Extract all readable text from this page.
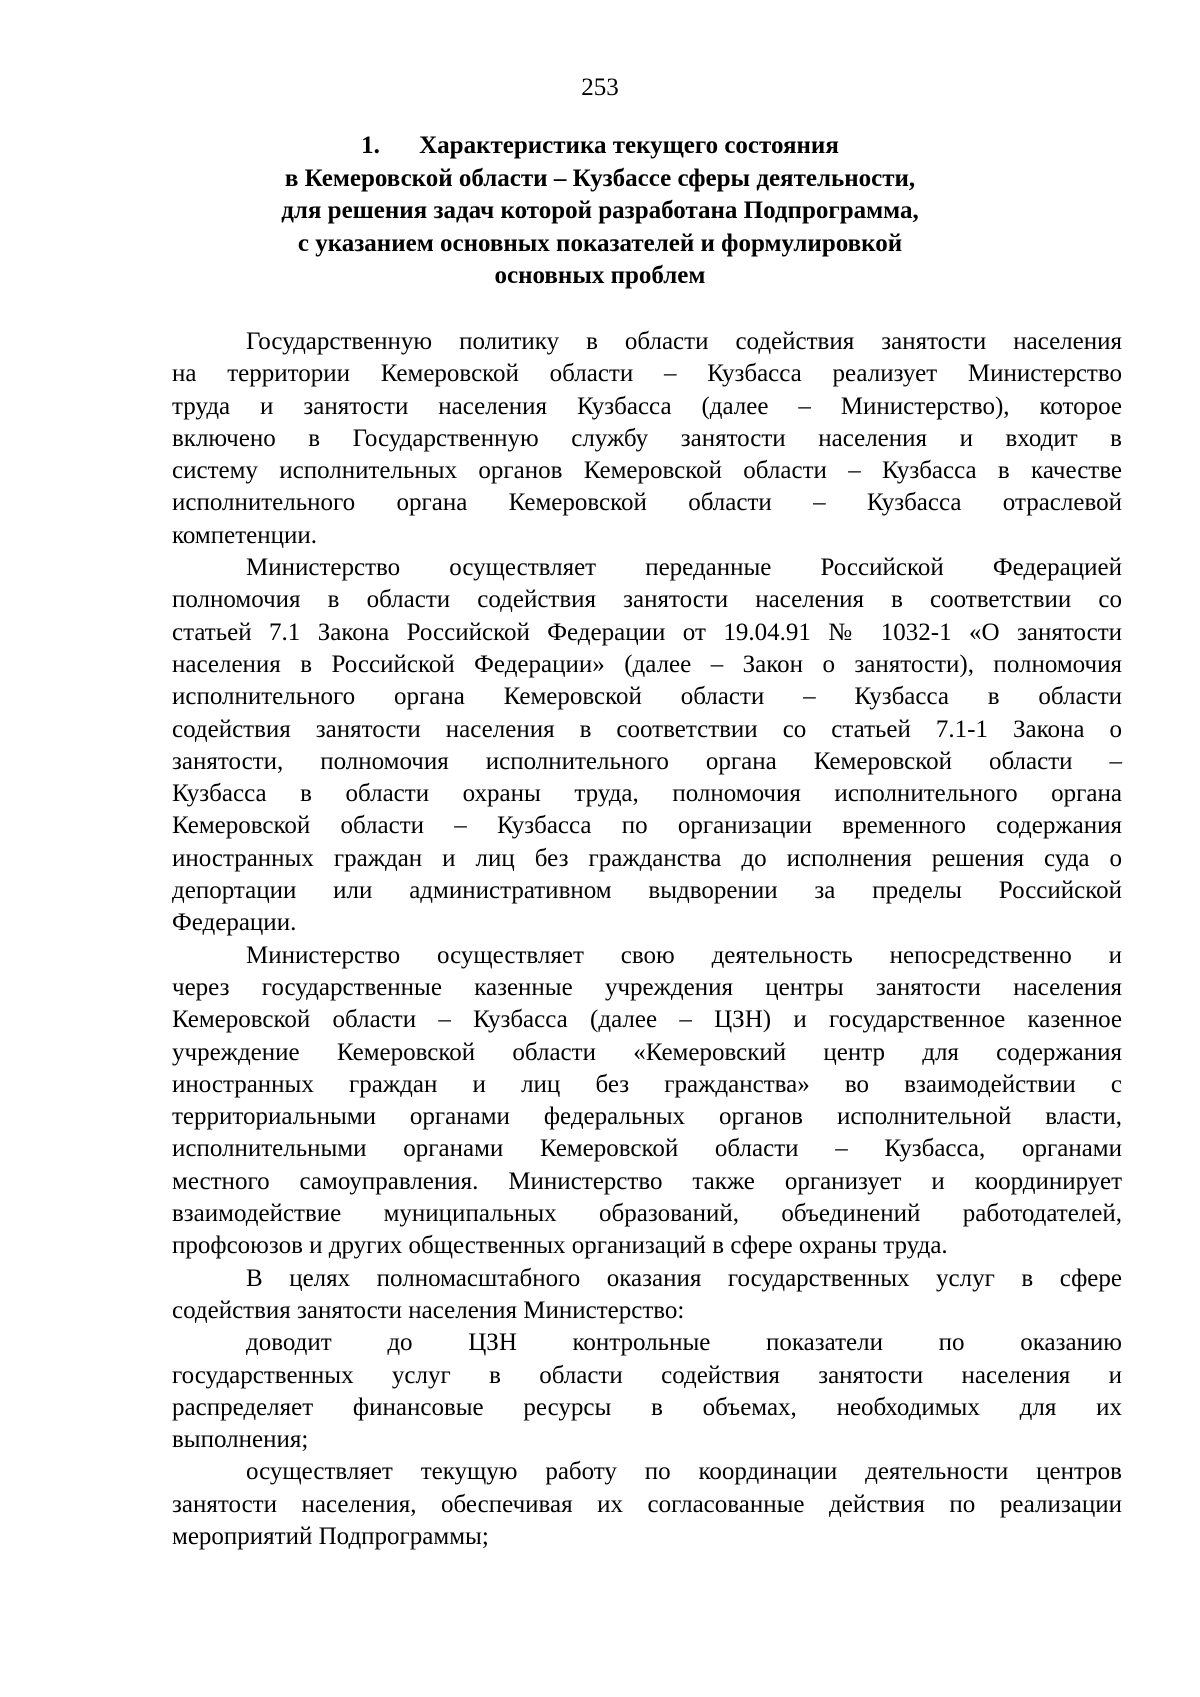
253
1. Характеристика текущего состояния
в Кемеровской области – Кузбассе сферы деятельности,
для решения задач которой разработана Подпрограмма,
с указанием основных показателей и формулировкой
основных проблем
Государственную политику в области содействия занятости населения
на территории Кемеровской области – Кузбасса реализует Министерство
труда и занятости населения Кузбасса (далее – Министерство), которое
включено в Государственную службу занятости населения и входит в
систему исполнительных органов Кемеровской области – Кузбасса в качестве
исполнительного органа Кемеровской области – Кузбасса отраслевой
компетенции.
Министерство осуществляет переданные Российской Федерацией
полномочия в области содействия занятости населения в соответствии со
статьей 7.1 Закона Российской Федерации от 19.04.91 № 1032-1 «О занятости
населения в Российской Федерации» (далее – Закон о занятости), полномочия
исполнительного органа Кемеровской области – Кузбасса в области
содействия занятости населения в соответствии со статьей 7.1-1 Закона о
занятости, полномочия исполнительного органа Кемеровской области –
Кузбасса в области охраны труда, полномочия исполнительного органа
Кемеровской области – Кузбасса по организации временного содержания
иностранных граждан и лиц без гражданства до исполнения решения суда о
депортации или административном выдворении за пределы Российской
Федерации.
Министерство осуществляет свою деятельность непосредственно и
через государственные казенные учреждения центры занятости населения
Кемеровской области – Кузбасса (далее – ЦЗН) и государственное казенное
учреждение Кемеровской области «Кемеровский центр для содержания
иностранных граждан и лиц без гражданства» во взаимодействии с
территориальными органами федеральных органов исполнительной власти,
исполнительными органами Кемеровской области – Кузбасса, органами
местного самоуправления. Министерство также организует и координирует
взаимодействие муниципальных образований, объединений работодателей,
профсоюзов и других общественных организаций в сфере охраны труда.
В целях полномасштабного оказания государственных услуг в сфере
содействия занятости населения Министерство:
доводит до ЦЗН контрольные показатели по оказанию
государственных услуг в области содействия занятости населения и
распределяет финансовые ресурсы в объемах, необходимых для их
выполнения;
осуществляет текущую работу по координации деятельности центров
занятости населения, обеспечивая их согласованные действия по реализации
мероприятий Подпрограммы;
